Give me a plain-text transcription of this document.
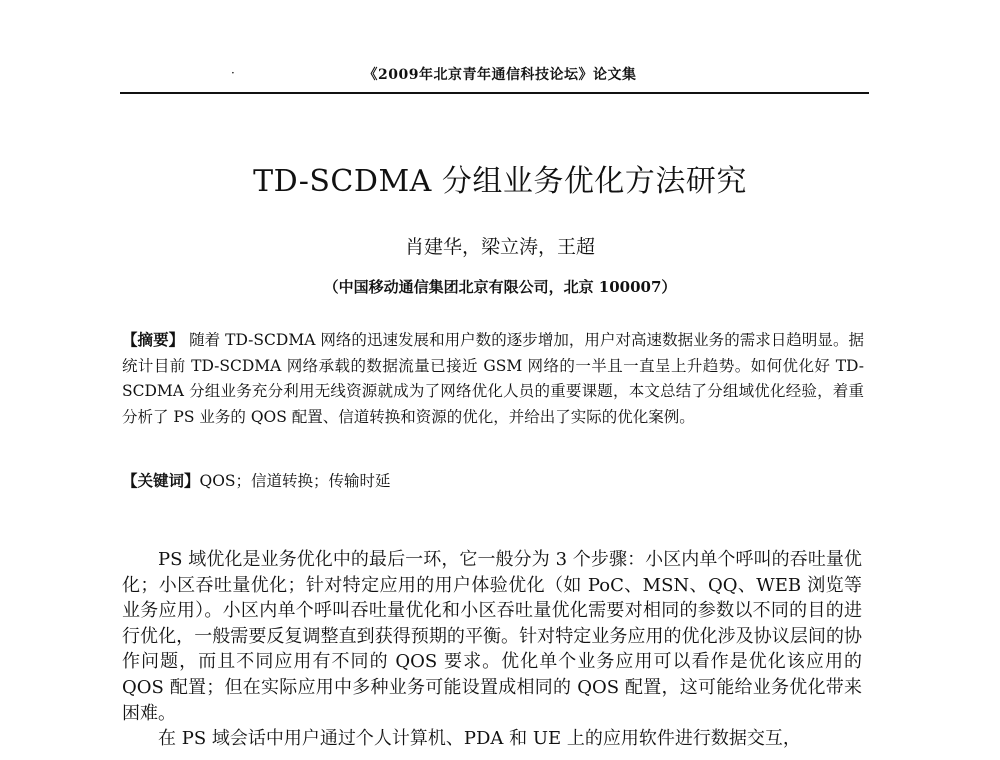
《2009年北京青年通信科技论坛》论文集
·
TD-SCDMA 分组业务优化方法研究
肖建华，梁立涛，王超
（中国移动通信集团北京有限公司，北京 100007）
【摘要】 随着 TD-SCDMA 网络的迅速发展和用户数的逐步增加，用户对高速数据业务的需求日趋明显。据统计目前 TD-SCDMA 网络承载的数据流量已接近 GSM 网络的一半且一直呈上升趋势。如何优化好 TD-SCDMA 分组业务充分利用无线资源就成为了网络优化人员的重要课题，本文总结了分组域优化经验，着重分析了 PS 业务的 QOS 配置、信道转换和资源的优化，并给出了实际的优化案例。
【关键词】QOS；信道转换；传输时延

PS 域优化是业务优化中的最后一环，它一般分为 3 个步骤：小区内单个呼叫的吞吐量优化；小区吞吐量优化；针对特定应用的用户体验优化（如 PoC、MSN、QQ、WEB 浏览等业务应用）。小区内单个呼叫吞吐量优化和小区吞吐量优化需要对相同的参数以不同的目的进行优化，一般需要反复调整直到获得预期的平衡。针对特定业务应用的优化涉及协议层间的协作问题，而且不同应用有不同的 QOS 要求。优化单个业务应用可以看作是优化该应用的 QOS 配置；但在实际应用中多种业务可能设置成相同的 QOS 配置，这可能给业务优化带来困难。

在 PS 域会话中用户通过个人计算机、PDA 和 UE 上的应用软件进行数据交互，
